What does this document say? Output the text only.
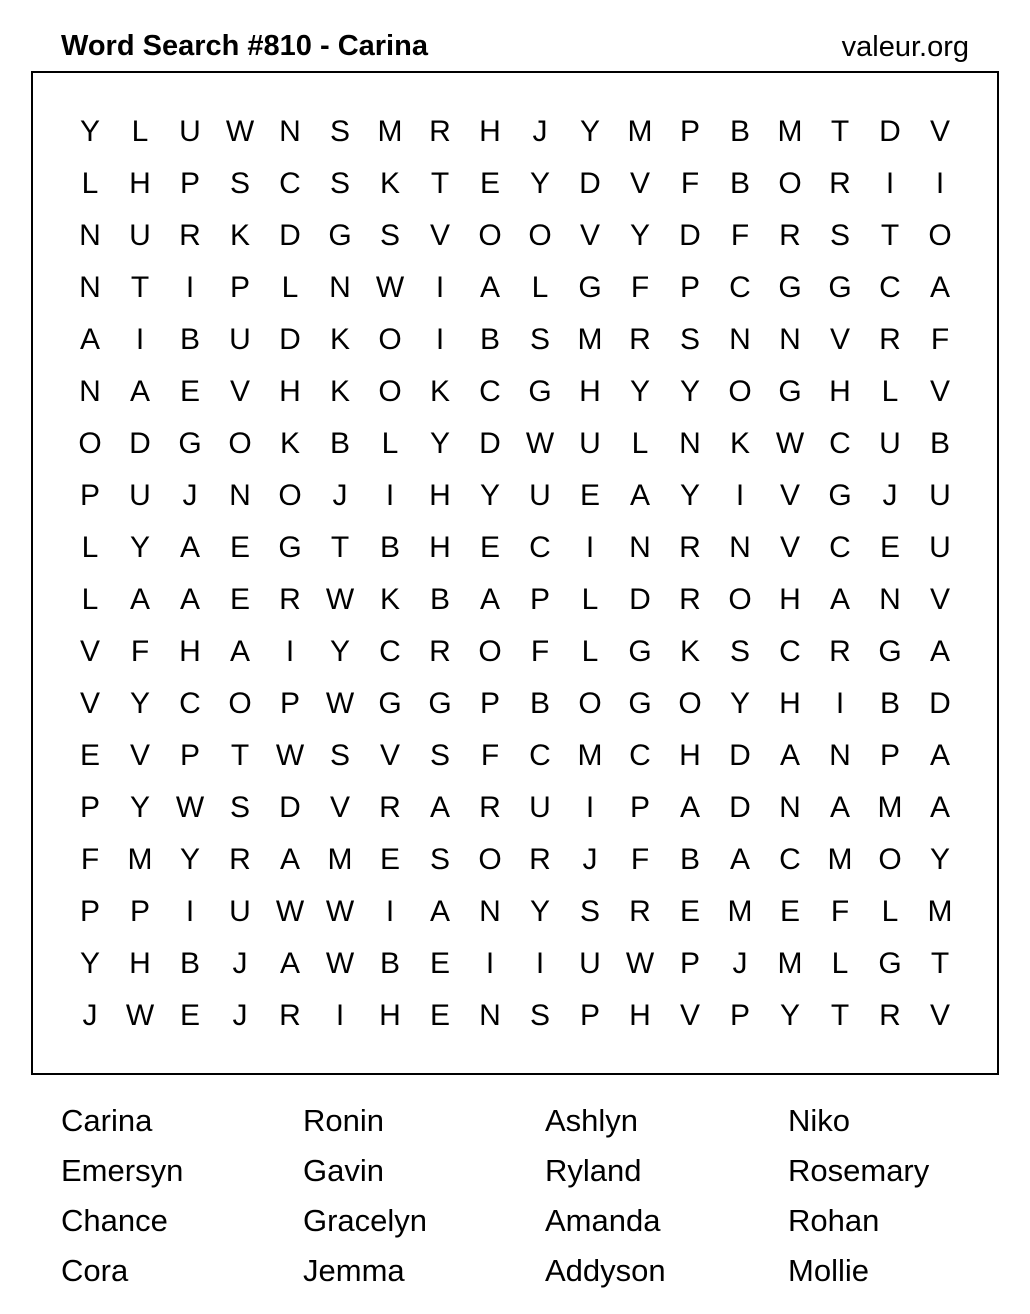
Word Search #810 - Carina	valeur.org
Y	L	U W N S M R H	J	Y M P B M T	D V
L	H P S C S K	T	E Y D V	F	B O R	I	I
N U R K D G S V O O V Y D	F	R S	T O
N	T	I	P	L	N W	I	A	L G F	P C G G C A
A	I	B U D K O	I	B S M R S N N V R	F
N A E V H K O K C G H Y Y O G H	L	V
O D G O K B	L	Y D W U	L	N K W C U B
P U	J	N O	J	I	H Y U E A Y	I	V G	J	U
L	Y A E G T	B H E C	I	N R N V C E U
L	A A E R W K B A P	L	D R O H A N V
V	F	H A	I	Y C R O F	L G K S C R G A
V Y C O P W G G P B O G O Y H	I	B D
E V P	T W S V S	F	C M C H D A N P A
P Y W S D V R A R U	I	P A D N A M A
F M Y R A M E S O R	J	F	B A C M O Y
P P	I	U W W	I	A N Y S R E M E	F	L M
Y H B	J	A W B E	I	I	U W P	J	M L G T
J W E	J	R	I	H E N S P H V P Y	T	R V
Carina	Ronin	Ashlyn	Niko
Emersyn	Gavin	Ryland	Rosemary
Chance	Gracelyn	Amanda	Rohan
Cora	Jemma	Addyson	Mollie
